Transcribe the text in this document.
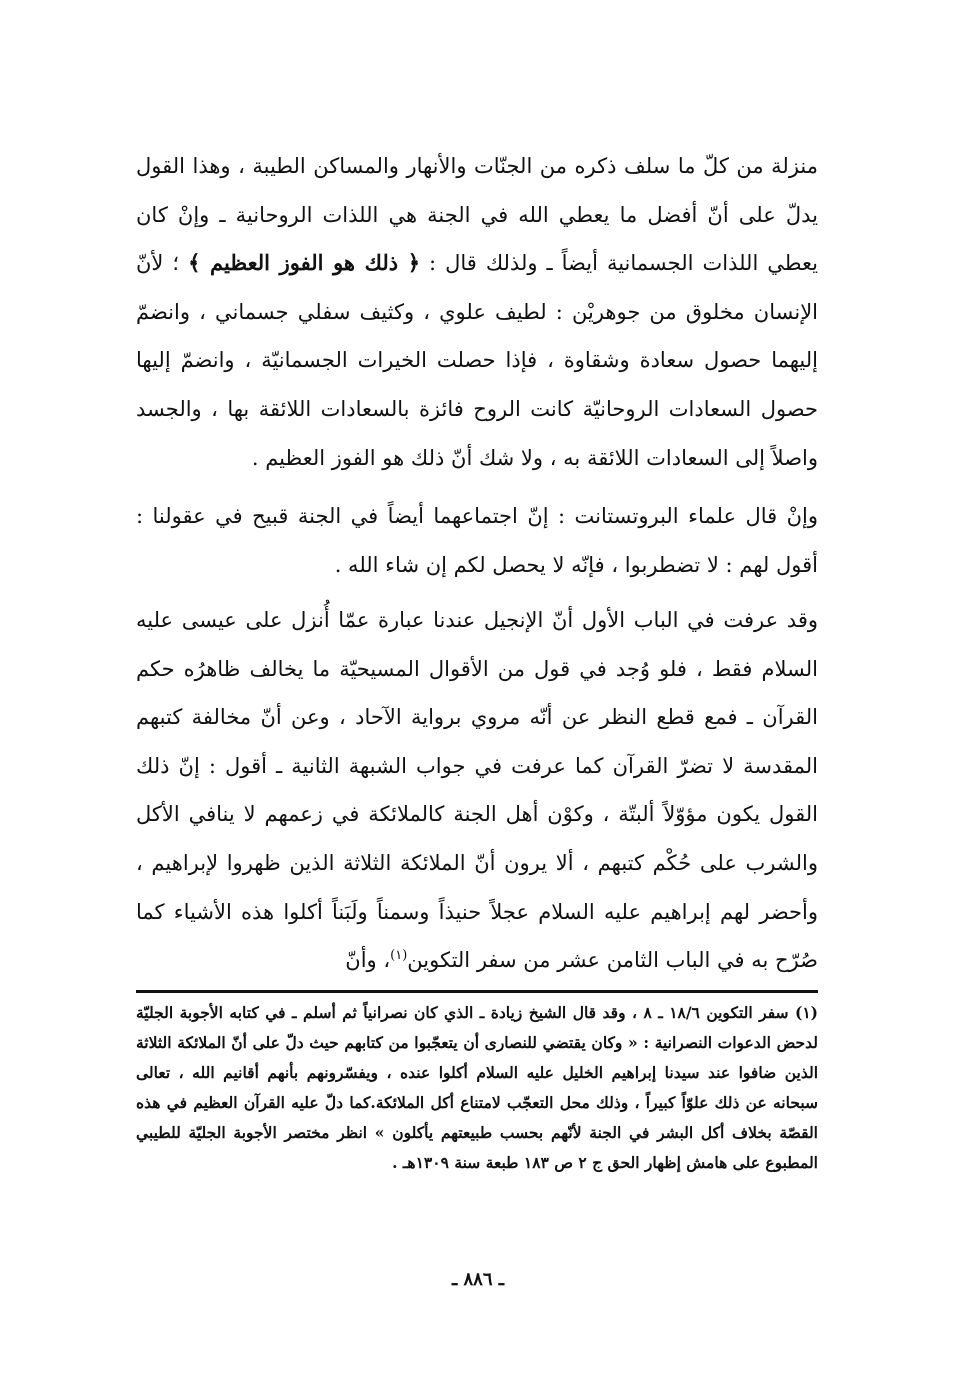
منزلة من كلّ ما سلف ذكره من الجنّات والأنهار والمساكن الطيبة ، وهذا القول يدلّ على أنّ أفضل ما يعطي الله في الجنة هي اللذات الروحانية ـ وإنْ كان يعطي اللذات الجسمانية أيضاً ـ ولذلك قال : ﴿ ذلك هو الفوز العظيم ﴾ ؛ لأنّ الإنسان مخلوق من جوهريْن : لطيف علوي ، وكثيف سفلي جسماني ، وانضمّ إليهما حصول سعادة وشقاوة ، فإذا حصلت الخيرات الجسمانيّة ، وانضمّ إليها حصول السعادات الروحانيّة كانت الروح فائزة بالسعادات اللائقة بها ، والجسد واصلاً إلى السعادات اللائقة به ، ولا شك أنّ ذلك هو الفوز العظيم .

وإنْ قال علماء البروتستانت : إنّ اجتماعهما أيضاً في الجنة قبيح في عقولنا : أقول لهم : لا تضطربوا ، فإنّه لا يحصل لكم إن شاء الله .

وقد عرفت في الباب الأول أنّ الإنجيل عندنا عبارة عمّا أُنزل على عيسى عليه السلام فقط ، فلو وُجد في قول من الأقوال المسيحيّة ما يخالف ظاهرُه حكم القرآن ـ فمع قطع النظر عن أنّه مروي برواية الآحاد ، وعن أنّ مخالفة كتبهم المقدسة لا تضرّ القرآن كما عرفت في جواب الشبهة الثانية ـ أقول : إنّ ذلك القول يكون مؤوّلاً ألبتّة ، وكوْن أهل الجنة كالملائكة في زعمهم لا ينافي الأكل والشرب على حُكْم كتبهم ، ألا يرون أنّ الملائكة الثلاثة الذين ظهروا لإبراهيم ، وأحضر لهم إبراهيم عليه السلام عجلاً حنيذاً وسمناً ولَبَناً أكلوا هذه الأشياء كما صُرّح به في الباب الثامن عشر من سفر التكوين$^{(١)}$، وأنّ

(١) سفر التكوين ١٨/٦ ـ ٨ ، وقد قال الشيخ زيادة ـ الذي كان نصرانياً ثم أسلم ـ في كتابه الأجوبة الجليّة لدحض الدعوات النصرانية : « وكان يقتضي للنصارى أن يتعجّبوا من كتابهم حيث دلّ على أنّ الملائكة الثلاثة الذين ضافوا عند سيدنا إبراهيم الخليل عليه السلام أكلوا عنده ، ويفسّرونهم بأنهم أقانيم الله ، تعالى سبحانه عن ذلك علوّاً كبيراً ، وذلك محل التعجّب لامتناع أكل الملائكة.كما دلّ عليه القرآن العظيم في هذه القصّة بخلاف أكل البشر في الجنة لأنّهم بحسب طبيعتهم يأكلون » انظر مختصر الأجوبة الجليّة للطيبي المطبوع على هامش إظهار الحق ج ٢ ص ١٨٣ طبعة سنة ١٣٠٩هـ .

ـ ٨٨٦ ـ
